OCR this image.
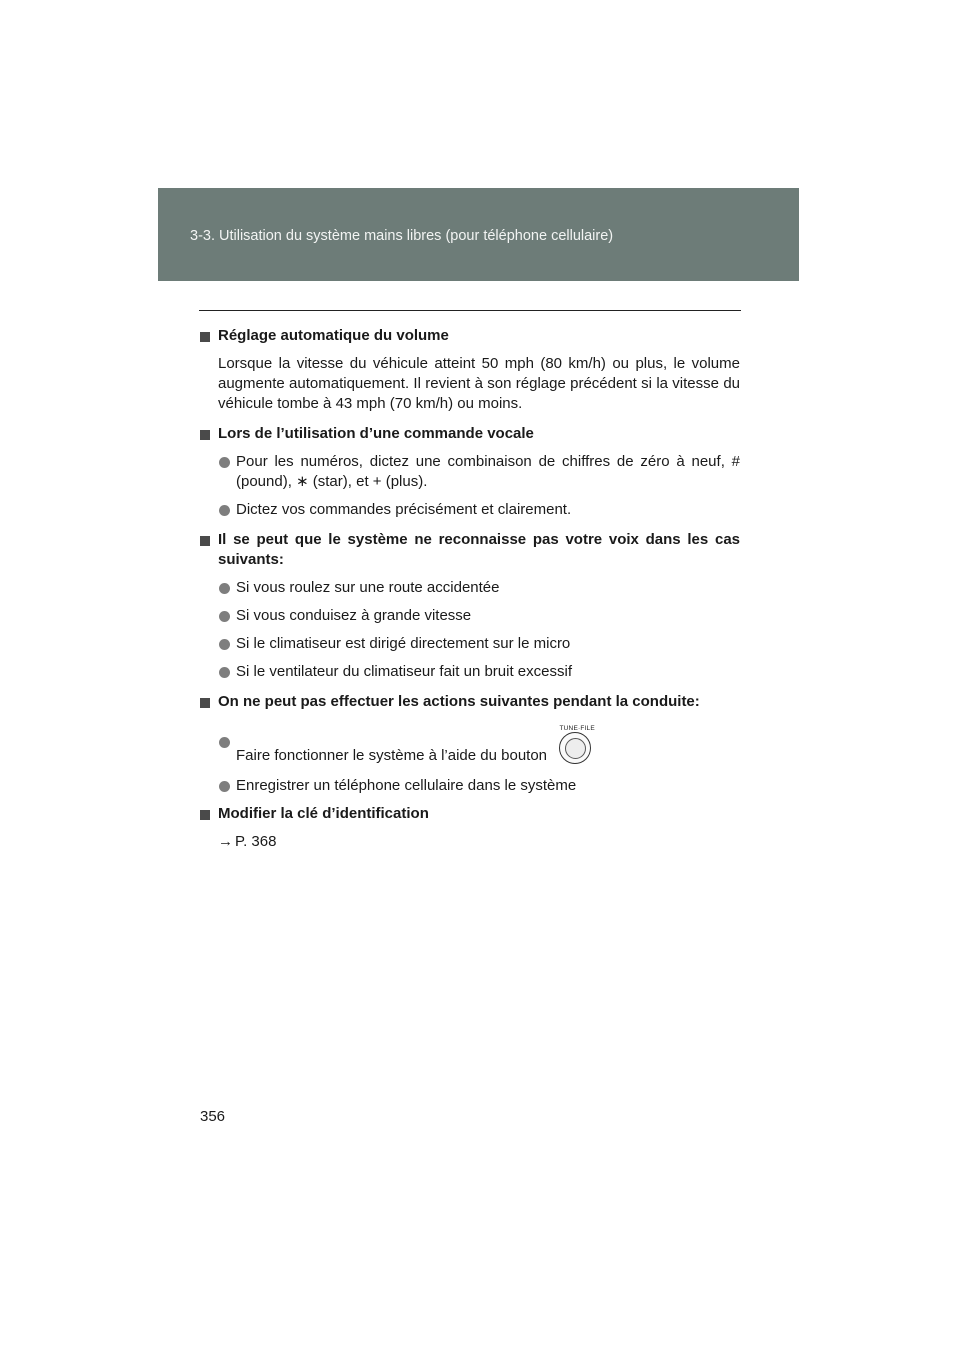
3-3. Utilisation du système mains libres (pour téléphone cellulaire)

Réglage automatique du volume

Lorsque la vitesse du véhicule atteint 50 mph (80 km/h) ou plus, le volume augmente automatiquement. Il revient à son réglage précédent si la vitesse du véhicule tombe à 43 mph (70 km/h) ou moins.

Lors de l’utilisation d’une commande vocale

Pour les numéros, dictez une combinaison de chiffres de zéro à neuf, # (pound), ∗ (star), et + (plus).

Dictez vos commandes précisément et clairement.

Il se peut que le système ne reconnaisse pas votre voix dans les cas suivants:

Si vous roulez sur une route accidentée

Si vous conduisez à grande vitesse

Si le climatiseur est dirigé directement sur le micro

Si le ventilateur du climatiseur fait un bruit excessif

On ne peut pas effectuer les actions suivantes pendant la conduite:

Faire fonctionner le système à l’aide du bouton
TUNE·FILE

Enregistrer un téléphone cellulaire dans le système

Modifier la clé d’identification

→ P. 368

356
